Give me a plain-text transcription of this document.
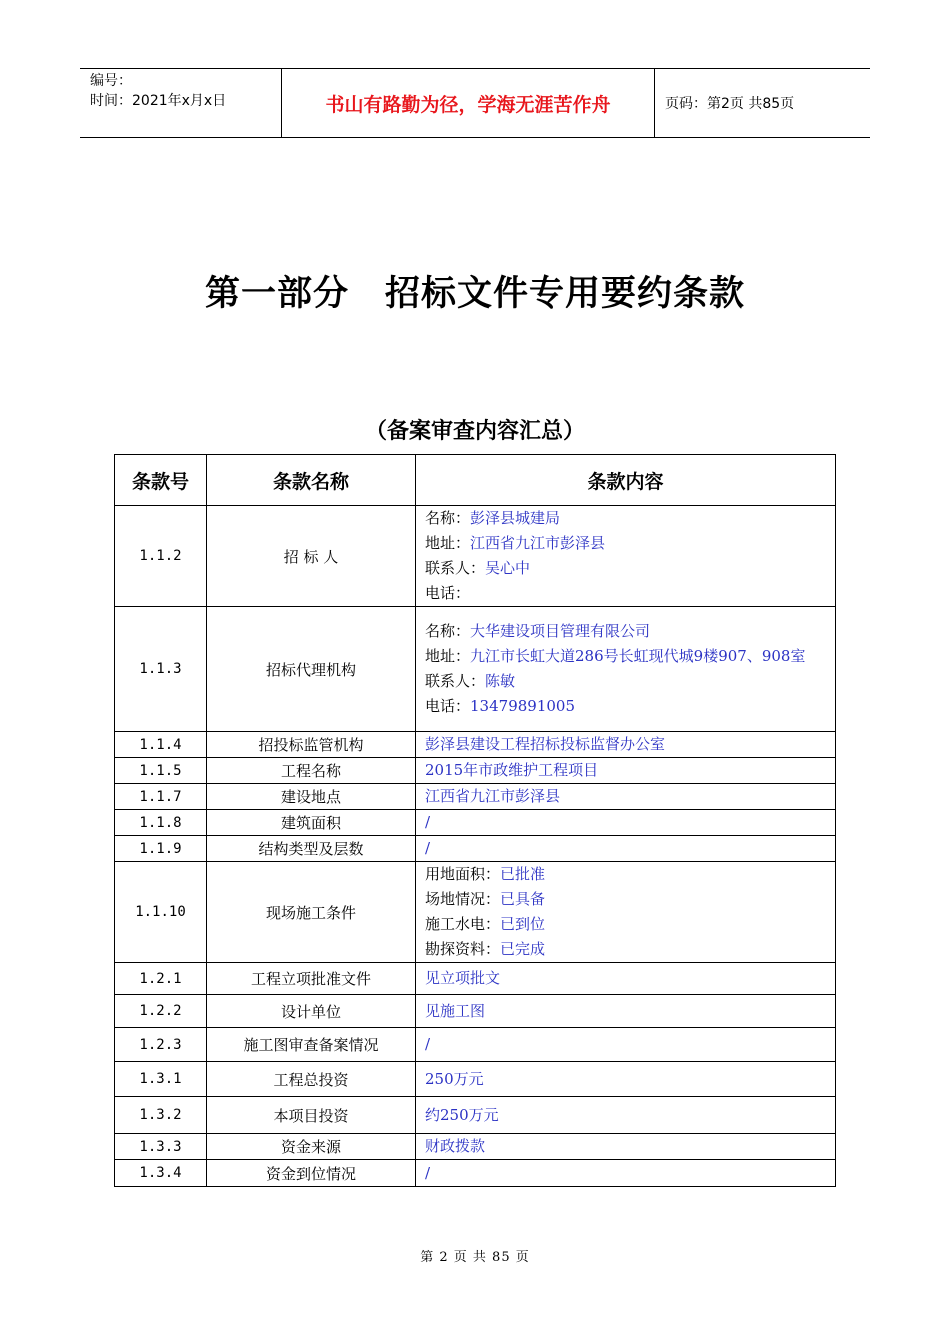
编号：
时间：2021年x月x日	书山有路勤为径，学海无涯苦作舟	页码：第2页 共85页
第一部分　招标文件专用要约条款
（备案审查内容汇总）
条款号	条款名称	条款内容
1.1.2	招 标 人	名称：彭泽县城建局
地址：江西省九江市彭泽县
联系人：吴心中
电话：

1.1.3	招标代理机构	名称：大华建设项目管理有限公司
地址：九江市长虹大道286号长虹现代城9楼907、908室
联系人：陈敏
电话：13479891005

1.1.4	招投标监管机构	彭泽县建设工程招标投标监督办公室

1.1.5	工程名称	2015年市政维护工程项目

1.1.7	建设地点	江西省九江市彭泽县

1.1.8	建筑面积	/

1.1.9	结构类型及层数	/

1.1.10	现场施工条件	用地面积：已批准
场地情况：已具备
施工水电：已到位
勘探资料：已完成

1.2.1	工程立项批准文件	见立项批文

1.2.2	设计单位	见施工图

1.2.3	施工图审查备案情况	/

1.3.1	工程总投资	250万元

1.3.2	本项目投资	约250万元

1.3.3	资金来源	财政拨款

1.3.4	资金到位情况	/
第 2 页 共 85 页
